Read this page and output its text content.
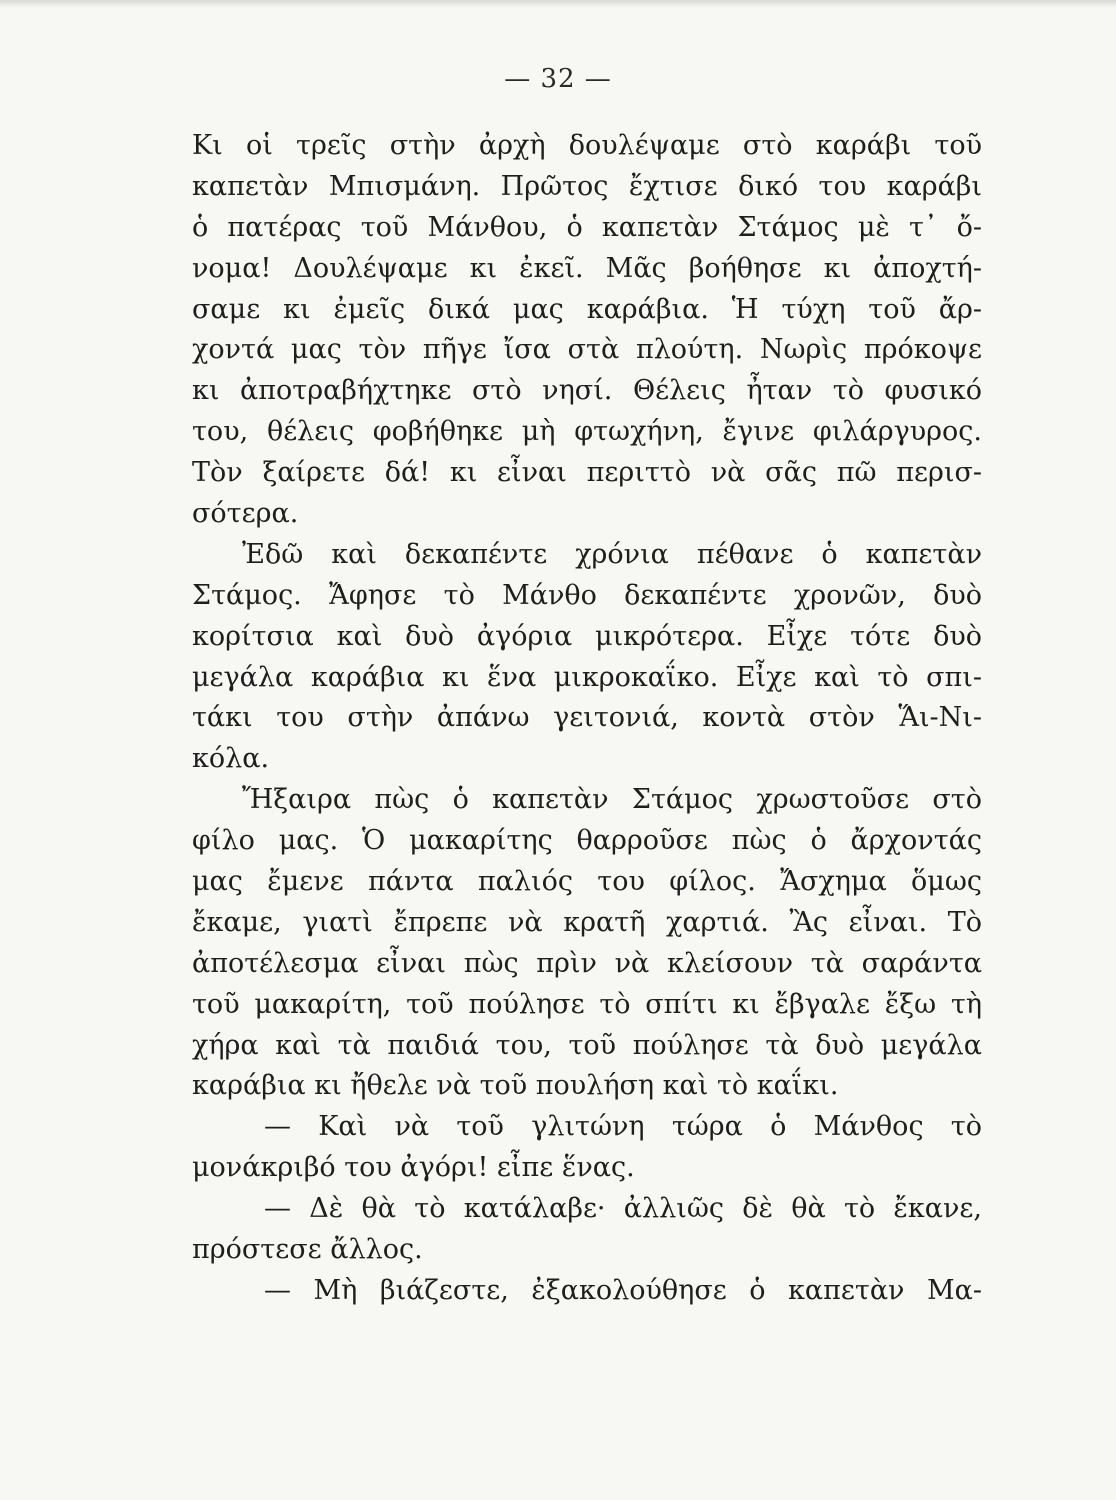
— 32 —
Κι οἱ τρεῖς στὴν ἀρχὴ δουλέψαμε στὸ καράβι τοῦ
καπετὰν Μπισμάνη. Πρῶτος ἔχτισε δικό του καράβι
ὁ πατέρας τοῦ Μάνθου, ὁ καπετὰν Στάμος μὲ τ᾽ ὄ-
νομα! Δουλέψαμε κι ἐκεῖ. Μᾶς βοήθησε κι ἀποχτή-
σαμε κι ἐμεῖς δικά μας καράβια. Ἡ τύχη τοῦ ἄρ-
χοντά μας τὸν πῆγε ἴσα στὰ πλούτη. Νωρὶς πρόκοψε
κι ἀποτραβήχτηκε στὸ νησί. Θέλεις ἦταν τὸ φυσικό
του, θέλεις φοβήθηκε μὴ φτωχήνη, ἔγινε φιλάργυρος.
Τὸν ξαίρετε δά! κι εἶναι περιττὸ νὰ σᾶς πῶ περισ-
σότερα.
Ἐδῶ καὶ δεκαπέντε χρόνια πέθανε ὁ καπετὰν
Στάμος. Ἄφησε τὸ Μάνθο δεκαπέντε χρονῶν, δυὸ
κορίτσια καὶ δυὸ ἀγόρια μικρότερα. Εἶχε τότε δυὸ
μεγάλα καράβια κι ἕνα μικροκαΐκο. Εἶχε καὶ τὸ σπι-
τάκι του στὴν ἀπάνω γειτονιά, κοντὰ στὸν Ἅι-Νι-
κόλα.
Ἤξαιρα πὼς ὁ καπετὰν Στάμος χρωστοῦσε στὸ
φίλο μας. Ὁ μακαρίτης θαρροῦσε πὼς ὁ ἄρχοντάς
μας ἔμενε πάντα παλιός του φίλος. Ἄσχημα ὅμως
ἔκαμε, γιατὶ ἔπρεπε νὰ κρατῆ χαρτιά. Ἂς εἶναι. Τὸ
ἀποτέλεσμα εἶναι πὼς πρὶν νὰ κλείσουν τὰ σαράντα
τοῦ μακαρίτη, τοῦ πούλησε τὸ σπίτι κι ἔβγαλε ἔξω τὴ
χήρα καὶ τὰ παιδιά του, τοῦ πούλησε τὰ δυὸ μεγάλα
καράβια κι ἤθελε νὰ τοῦ πουλήση καὶ τὸ καΐκι.
— Καὶ νὰ τοῦ γλιτώνη τώρα ὁ Μάνθος τὸ
μονάκριβό του ἀγόρι! εἶπε ἕνας.
— Δὲ θὰ τὸ κατάλαβε· ἀλλιῶς δὲ θὰ τὸ ἔκανε,
πρόστεσε ἄλλος.
— Μὴ βιάζεστε, ἐξακολούθησε ὁ καπετὰν Μα-
